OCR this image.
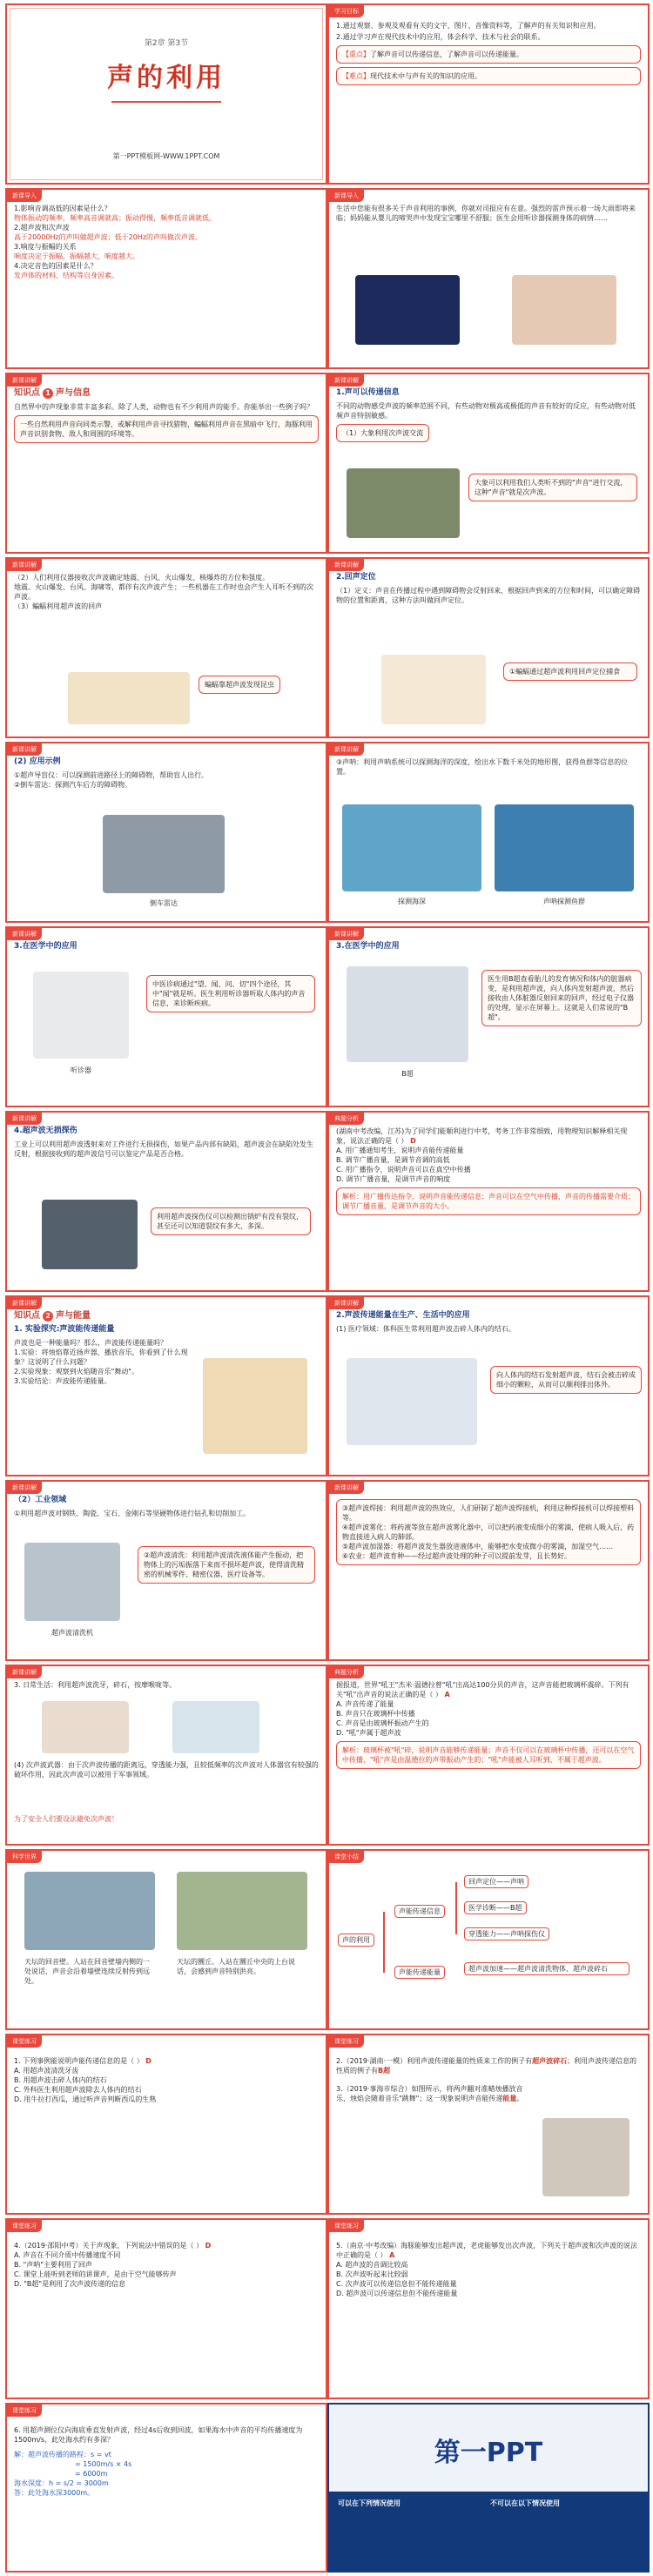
第2章 第3节
声的利用
第一PPT模板网-WWW.1PPT.COM
学习目标
1.通过观察、参观及观看有关的文字、图片、音像资料等，了解声的有关知识和应用。
2.通过学习声在现代技术中的应用，体会科学、技术与社会的联系。
【重点】了解声音可以传递信息，了解声音可以传递能量。
【难点】现代技术中与声有关的知识的应用。
新课导入
1.影响音调高低的因素是什么？
物体振动的频率，频率高音调就高；振动得慢，频率低音调就低。
2.超声波和次声波
高于20000Hz的声叫做超声波；低于20Hz的声叫做次声波。
3.响度与振幅的关系
响度决定于振幅，振幅越大，响度越大。
4.决定音色的因素是什么？
发声体的材料、结构等自身因素。
新课导入
生活中您能有很多关于声音利用的事例，你就对司报应有在意。强烈的雷声预示着一场大雨即将来临；妈妈能从婴儿的啼哭声中发现宝宝哪里不舒服；医生会用听诊器探测身体的病情……
新课讲解
知识点 1 声与信息
自然界中的声现象非常丰富多彩。除了人类，动物也有不少利用声的能手。你能举出一些例子吗？
一些自然利用声音向同类示警，或解利用声音寻找猎物，蝙蝠利用声音在黑暗中飞行，海豚利用声音识别食物、敌人和周围的环境等。
新课讲解
1.声可以传递信息
不同的动物感受声波的频率范围不同，有些动物对极高或极低的声音有较好的反应，有些动物对低频声音特别敏感。
（1）大象利用次声波交流
大象可以利用我们人类听不到的"声音"进行交流，这种"声音"就是次声波。
新课讲解
（2）人们利用仪器接收次声波确定地震、台风、火山爆发、核爆炸的方位和强度。
地震、火山爆发、台风、海啸等，都伴有次声波产生；一些机器在工作时也会产生人耳听不到的次声波。
（3）蝙蝠利用超声波的回声
蝙蝠靠超声波发现昆虫
新课讲解
2.回声定位
（1）定义：声音在传播过程中遇到障碍物会反射回来，根据回声到来的方位和时间，可以确定障碍物的位置和距离，这种方法叫做回声定位。
①蝙蝠通过超声波利用回声定位捕食
新课讲解
(2) 应用示例
①超声导盲仪：可以探测前进路径上的障碍物，帮助盲人出行。
②倒车雷达：探测汽车后方的障碍物。
倒车雷达
新课讲解
③声呐：利用声呐系统可以探测海洋的深度，绘出水下数千米处的地形图，获得鱼群等信息的位置。
探测海深	声呐探测鱼群
新课讲解
3.在医学中的应用
听诊器
中医诊病通过"望、闻、问、切"四个途径，其中"闻"就是听。医生利用听诊器听取人体内的声音信息，来诊断疾病。
新课讲解
3.在医学中的应用
B超
医生用B超查看胎儿的发育情况和体内的脏器病变，是利用超声波，向人体内发射超声波，然后接收由人体脏器反射回来的回声，经过电子仪器的处理，显示在屏幕上。这就是人们常说的"B超"。
新课讲解
4.超声波无损探伤
工业上可以利用超声波透射来对工件进行无损探伤，如果产品内部有缺陷，超声波会在缺陷处发生反射，根据接收到的超声波信号可以鉴定产品是否合格。
利用超声波探伤仪可以检测出锅炉有没有裂纹，甚至还可以知道裂纹有多大、多深。
典题分析
(湖南中考改编，江苏)为了同学们能顺利进行中考，考务工作非常细致，用物理知识解释相关现象，说法正确的是（ ） D
A. 用广播通知考生，说明声音能传递能量
B. 调节广播音量，是调节音调的高低
C. 用广播指令，说明声音可以在真空中传播
D. 调节广播音量，是调节声音的响度
解析：用广播传达指令，说明声音能传递信息；声音可以在空气中传播，声音的传播需要介质；调节广播音量，是调节声音的大小。
新课讲解
知识点 2 声与能量
1. 实验探究:声波能传递能量
声波也是一种能量吗？那么，声波能传递能量吗？
1.实验：将烛焰靠近扬声器，播放音乐，你看到了什么现象？这说明了什么问题？
2.实验现象：观察到火焰随音乐"舞动"。
3.实验结论：声波能传递能量。
新课讲解
2.声波传递能量在生产、生活中的应用
(1) 医疗领域：体科医生常利用超声波击碎人体内的结石。
向人体内的结石发射超声波，结石会被击碎成细小的颗粒，从而可以顺利排出体外。
新课讲解
（2）工业领域
①利用超声波对钢铁、陶瓷、宝石、金刚石等坚硬物体进行钻孔和切削加工。
超声波清洗机
②超声波清洗：利用超声波清洗液体能产生振动，把物体上的污垢振落下来而不损坏超声波，使得清洗精密的机械零件、精密仪器、医疗设备等。
新课讲解
③超声波焊接：利用超声波的热效应，人们研制了超声波焊接机，利用这种焊接机可以焊接塑料等。
④超声波雾化：将药液等放在超声波雾化器中，可以把药液变成细小的雾滴，使病人吸入后，药物直接进入病人的肺部。
⑤超声波加湿器：将超声波发生器放进液体中，能够把水变成微小的雾滴，加湿空气……
⑥农业：超声波育种——经过超声波处理的种子可以提前发芽，且长势好。
新课讲解
3. 日常生活：利用超声波洗牙，碎石，按摩喉咙等。
(4) 次声波武器：由于次声波传播的距离远，穿透能力强，且较低频率的次声波对人体器官有较强的破坏作用，因此次声波可以被用于军事领域。
为了安全人们要设法避免次声波！
典题分析
据报道，世界"吼王"杰米·温德拉曾"吼"出高达100分贝的声音，这声音能把玻璃杯震碎。下列有关"吼"出声音的说法正确的是（ ） A
A. 声音传递了能量
B. 声音只在玻璃杯中传播
C. 声音是由玻璃杯振动产生的
D. "吼"声属于超声波
解析：玻璃杯被"吼"碎，说明声音能够传递能量；声音不仅可以在玻璃杯中传播，还可以在空气中传播，"吼"声是由温德拉的声带振动产生的；"吼"声能被人耳听到，不属于超声波。
科学世界
天坛的回音壁。人站在回音壁墙内侧的一处说话，声音会沿着墙壁连续反射传到远处。
天坛的圜丘。人站在圜丘中央的上台说话，会感到声音特别洪亮。
课堂小结
声的利用
声能传递信息
声能传递能量
回声定位——声呐
医学诊断——B超
穿透能力——声呐探伤仪
超声波加速——超声波清洗物体、超声波碎石
课堂练习
1. 下列事例能说明声能传递信息的是（ ） D
A. 用超声波清洗牙齿
B. 用超声波击碎人体内的结石
C. 外科医生利用超声波除去人体内的结石
D. 用牛拉打西瓜，通过听声音判断西瓜的生熟
课堂练习
2.（2019·湖南·一模）利用声波传递能量的性质来工作的例子有超声波碎石；利用声波传递信息的性质的例子有B超
3.（2019·事海市综合）如图所示，将两声翻对准蜡烛播放音乐，烛焰会随着音乐"跳舞"；这一现象说明声音能传递能量。
课堂练习
4.（2019·邵阳中考）关于声现象，下列说法中错误的是（ ） D
A. 声音在不同介质中传播速度不同
B. "声呐"主要利用了回声
C. 课堂上能听到老师的讲课声，是由于空气能够传声
D. "B超"是利用了次声波传递的信息
课堂练习
5.（南京·中考改编）海豚能够发出超声波，老虎能够发出次声波，下列关于超声波和次声波的说法中正确的是（ ） A
A. 超声波的音调比较高
B. 次声波听起来比较弱
C. 次声波可以传递信息但不能传递能量
D. 超声波可以传递信息但不能传递能量
课堂练习
6. 用超声测位仪向海底垂直发射声波，经过4s后收到回波，如果海水中声音的平均传播速度为1500m/s，此处海水约有多深？
解：超声波传播的路程：s = vt
= 1500m/s × 4s
= 6000m
海水深度：h = s/2 = 3000m
答：此处海水深3000m。
第一PPT
可以在下列情况使用	不可以在以下情况使用
